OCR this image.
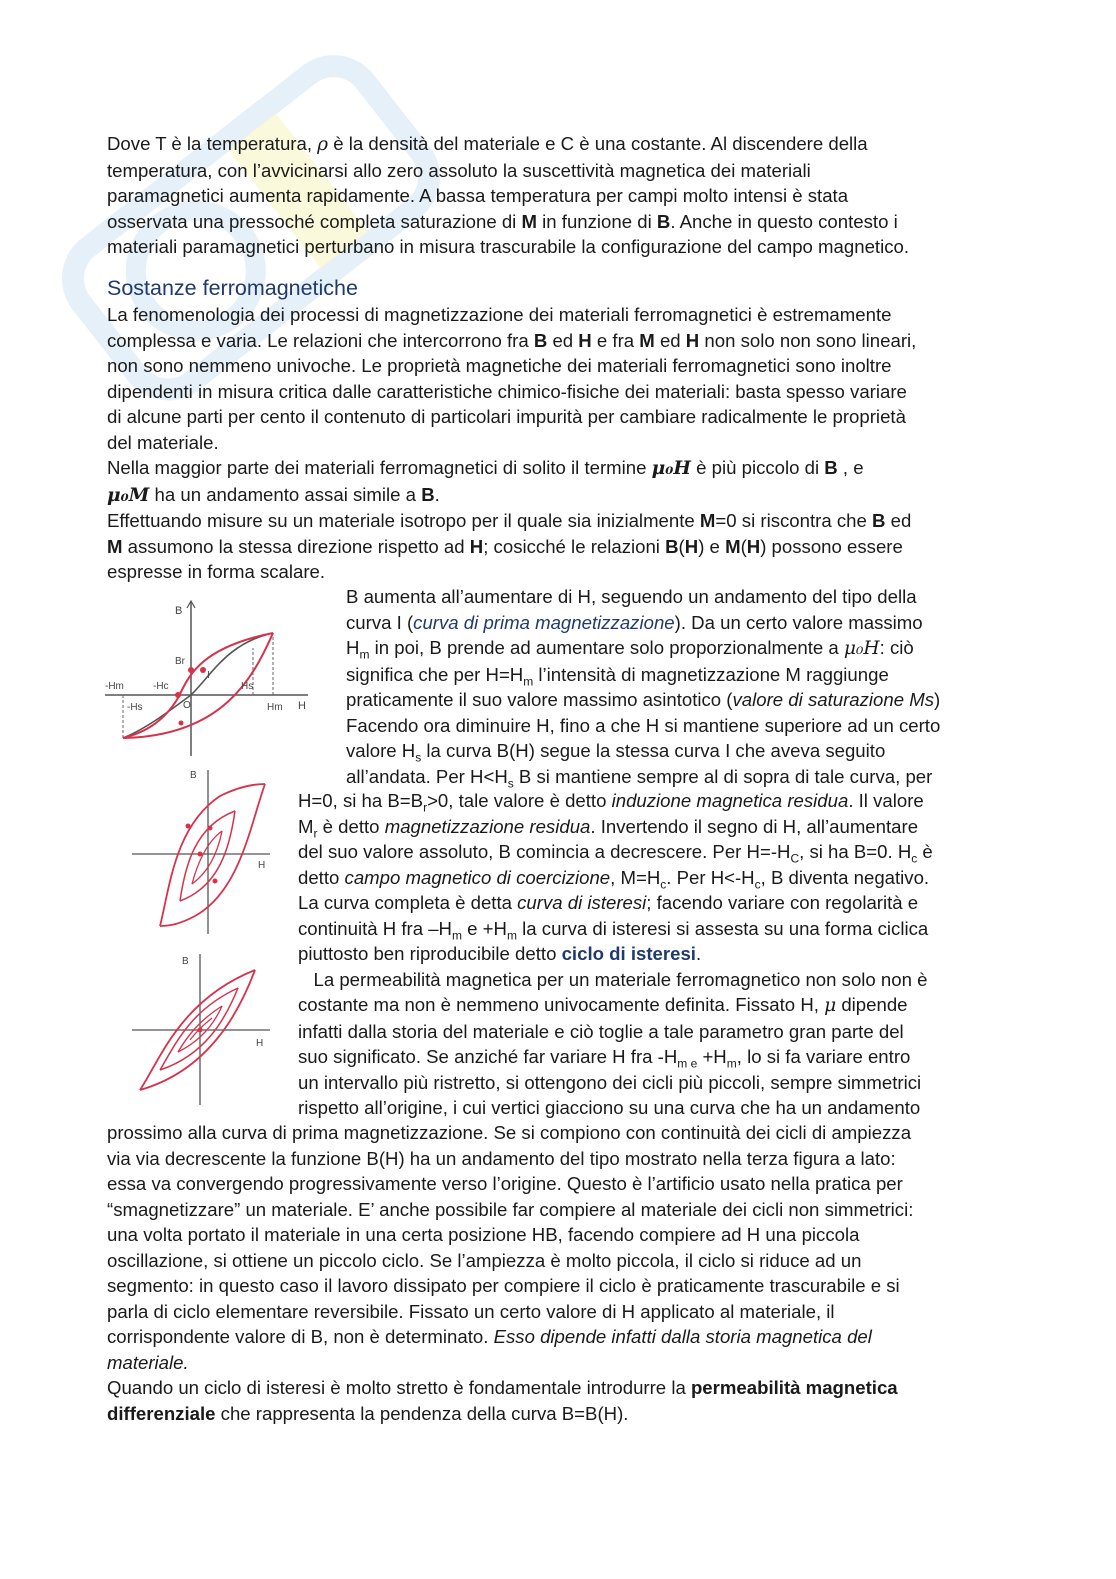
Dove T è la temperatura, ρ è la densità del materiale e C è una costante. Al discendere della

temperatura, con l’avvicinarsi allo zero assoluto la suscettività magnetica dei materiali

paramagnetici aumenta rapidamente. A bassa temperatura per campi molto intensi è stata

osservata una pressoché completa saturazione di M in funzione di B. Anche in questo contesto i

materiali paramagnetici perturbano in misura trascurabile la configurazione del campo magnetico.

Sostanze ferromagnetiche

La fenomenologia dei processi di magnetizzazione dei materiali ferromagnetici è estremamente

complessa e varia. Le relazioni che intercorrono fra B ed H e fra M ed H non solo non sono lineari,

non sono nemmeno univoche. Le proprietà magnetiche dei materiali ferromagnetici sono inoltre

dipendenti in misura critica dalle caratteristiche chimico-fisiche dei materiali: basta spesso variare

di alcune parti per cento il contenuto di particolari impurità per cambiare radicalmente le proprietà

del materiale.

Nella maggior parte dei materiali ferromagnetici di solito il termine μ₀𝑯 è più piccolo di B , e

μ₀𝑴 ha un andamento assai simile a B.

Effettuando misure su un materiale isotropo per il quale sia inizialmente M=0 si riscontra che B ed

M assumono la stessa direzione rispetto ad H; cosicché le relazioni B(H) e M(H) possono essere

espresse in forma scalare.

B aumenta all’aumentare di H, seguendo un andamento del tipo della

curva I (curva di prima magnetizzazione). Da un certo valore massimo

$H_m$ in poi, B prende ad aumentare solo proporzionalmente a μ₀H: ciò

significa che per $H=H_m$ l’intensità di magnetizzazione M raggiunge

praticamente il suo valore massimo asintotico (valore di saturazione Ms)

Facendo ora diminuire H, fino a che H si mantiene superiore ad un certo

valore $H_s$ la curva B(H) segue la stessa curva I che aveva seguito

all’andata. Per $H<H_s$ B si mantiene sempre al di sopra di tale curva, per

H=0, si ha $B=B_r>0$, tale valore è detto induzione magnetica residua. Il valore

$M_r$ è detto magnetizzazione residua. Invertendo il segno di H, all’aumentare

del suo valore assoluto, B comincia a decrescere. Per $H=-H_C$, si ha B=0. $H_c$ è

detto campo magnetico di coercizione, $M=H_c$. Per $H<-H_c$, B diventa negativo.

La curva completa è detta curva di isteresi; facendo variare con regolarità e

continuità H fra $-H_m$ $e +H_m$ la curva di isteresi si assesta su una forma ciclica

piuttosto ben riproducibile detto ciclo di isteresi.

La permeabilità magnetica per un materiale ferromagnetico non solo non è

costante ma non è nemmeno univocamente definita. Fissato H, μ dipende

infatti dalla storia del materiale e ciò toglie a tale parametro gran parte del

suo significato. Se anziché far variare H fra $-H_{m e} +H_m$, lo si fa variare entro

un intervallo più ristretto, si ottengono dei cicli più piccoli, sempre simmetrici

rispetto all’origine, i cui vertici giacciono su una curva che ha un andamento

prossimo alla curva di prima magnetizzazione. Se si compiono con continuità dei cicli di ampiezza

via via decrescente la funzione B(H) ha un andamento del tipo mostrato nella terza figura a lato:

essa va convergendo progressivamente verso l’origine. Questo è l’artificio usato nella pratica per

“smagnetizzare” un materiale. E’ anche possibile far compiere al materiale dei cicli non simmetrici:

una volta portato il materiale in una certa posizione HB, facendo compiere ad H una piccola

oscillazione, si ottiene un piccolo ciclo. Se l’ampiezza è molto piccola, il ciclo si riduce ad un

segmento: in questo caso il lavoro dissipato per compiere il ciclo è praticamente trascurabile e si

parla di ciclo elementare reversibile. Fissato un certo valore di H applicato al materiale, il

corrispondente valore di B, non è determinato. Esso dipende infatti dalla storia magnetica del

materiale.

Quando un ciclo di isteresi è molto stretto è fondamentale introdurre la permeabilità magnetica

differenziale che rappresenta la pendenza della curva B=B(H).

B
H
-Hm	-Hc
-Hs
Hs
Hm
Br
O
I
B
H
B
H
